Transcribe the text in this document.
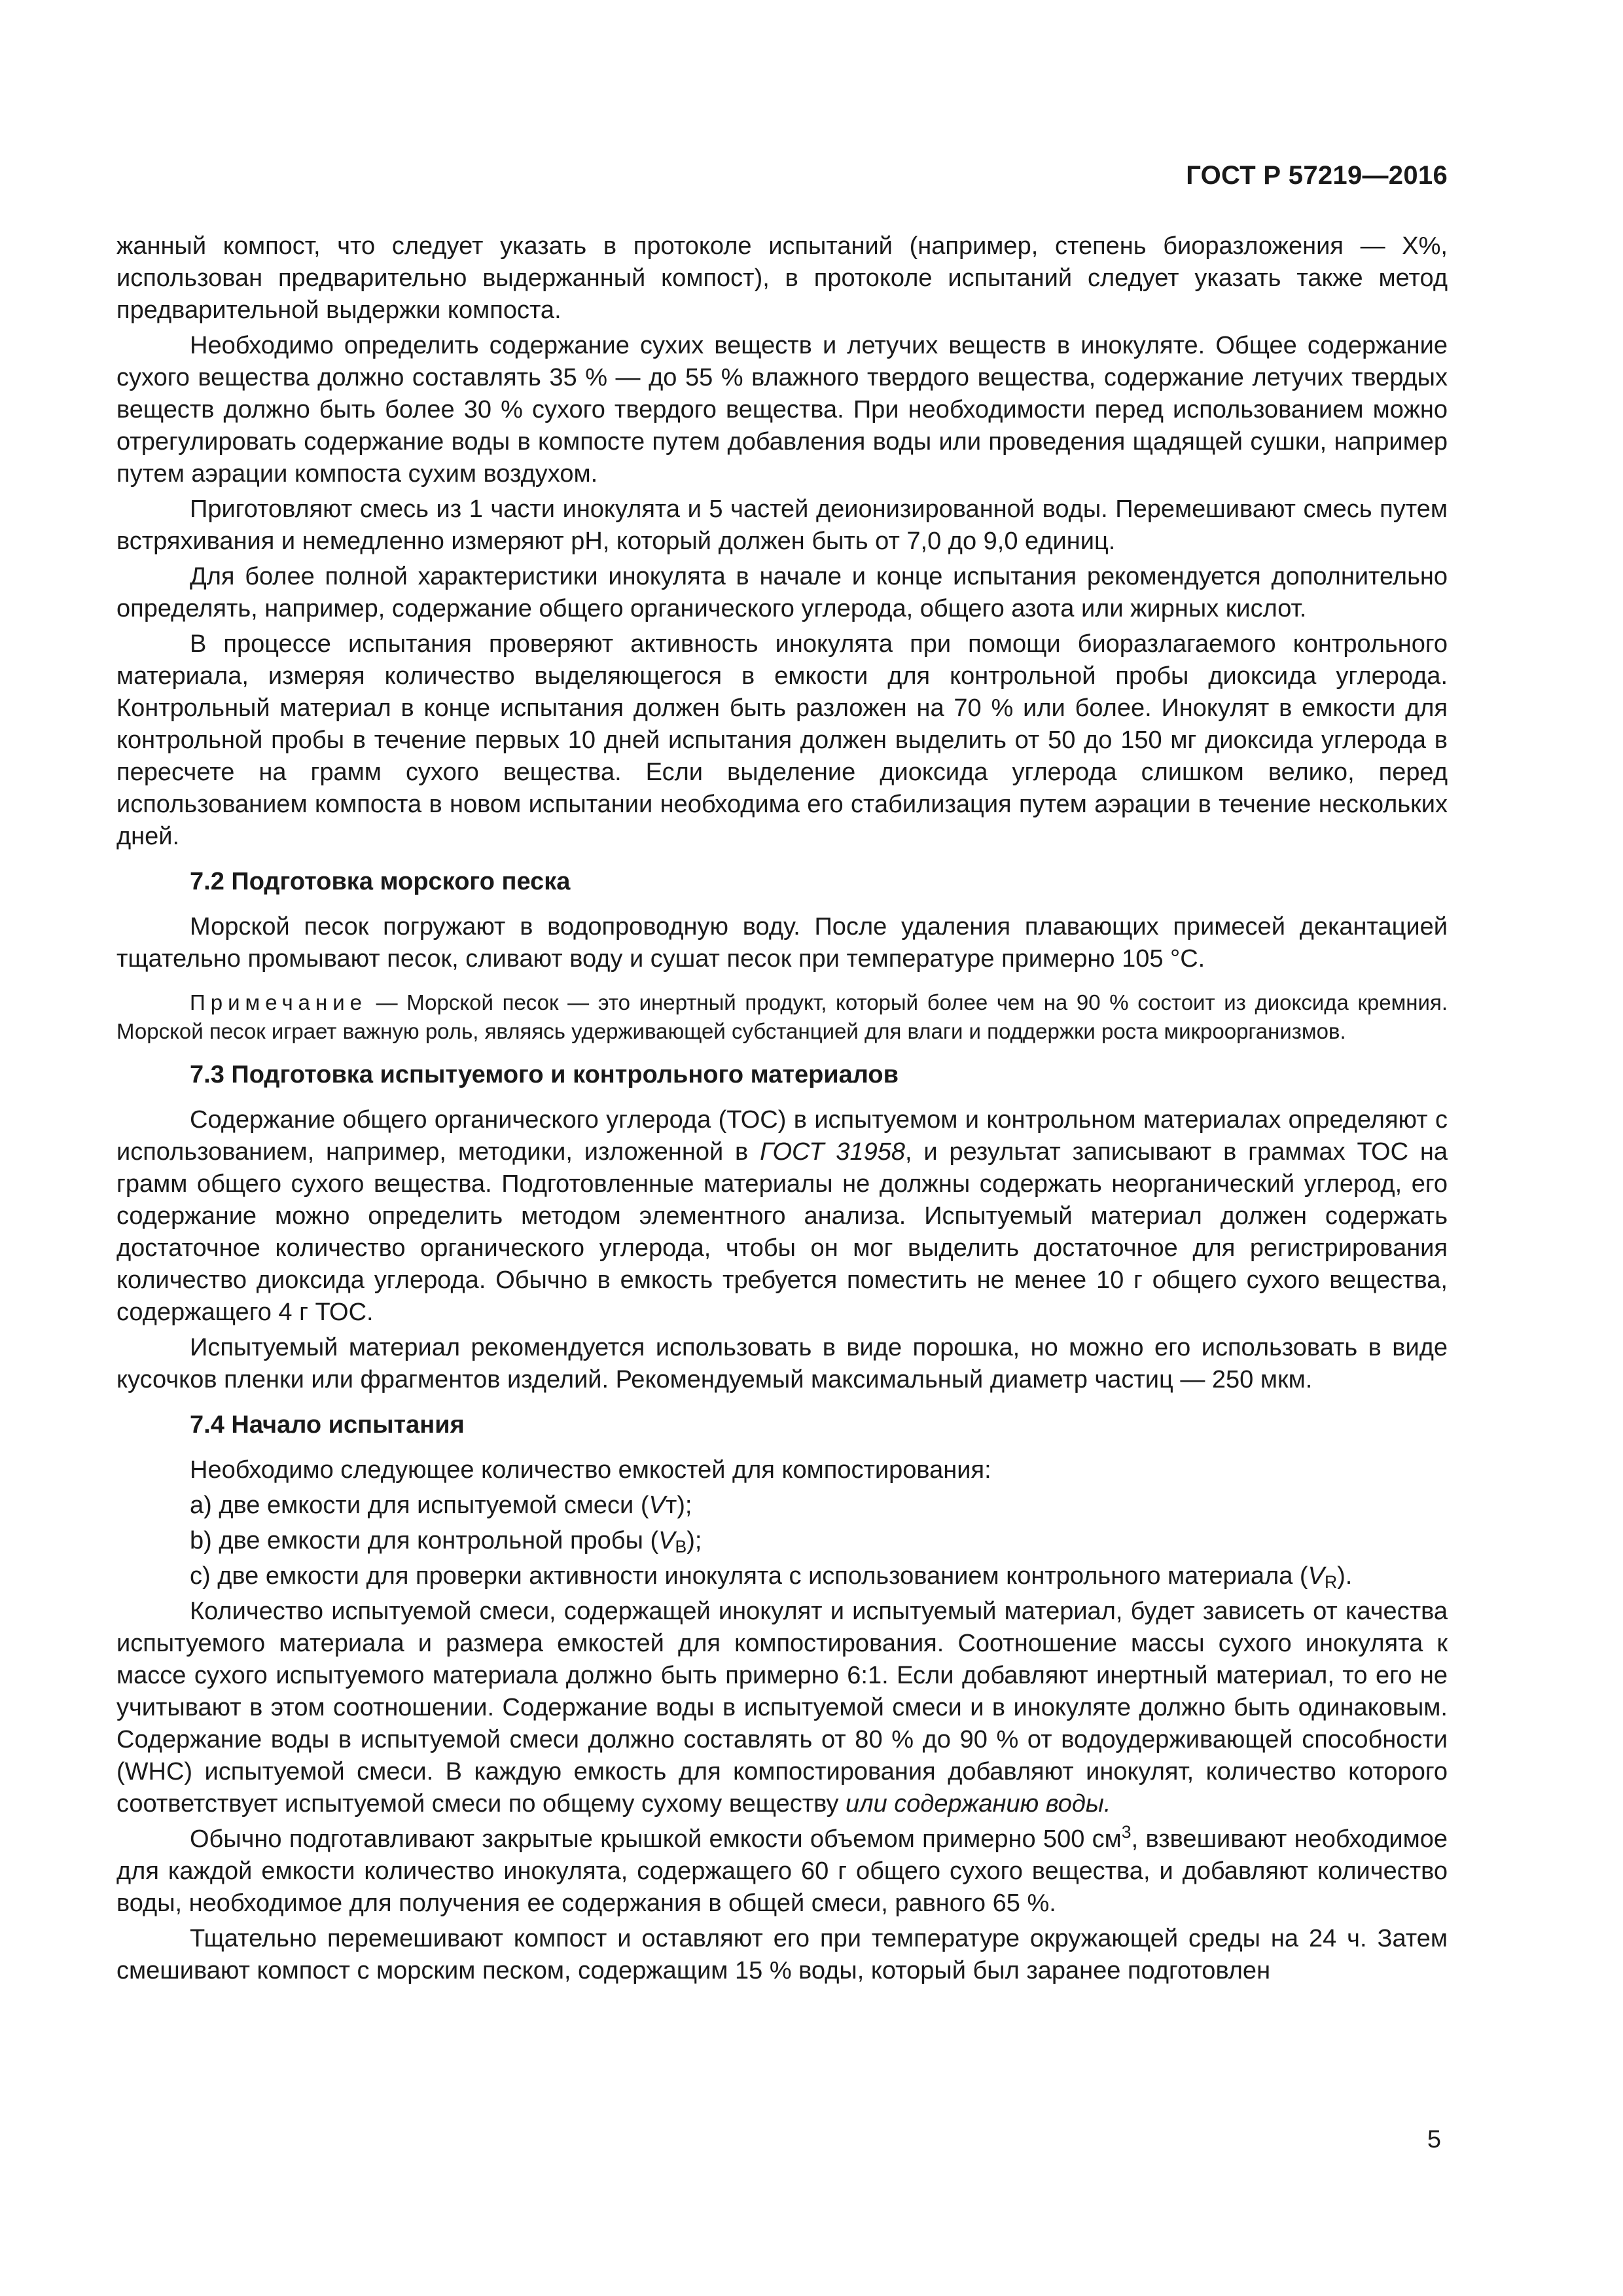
ГОСТ Р 57219—2016

жанный компост, что следует указать в протоколе испытаний (например, степень биоразложения — X%, использован предварительно выдержанный компост), в протоколе испытаний следует указать также метод предварительной выдержки компоста.

Необходимо определить содержание сухих веществ и летучих веществ в инокуляте. Общее содержание сухого вещества должно составлять 35 % — до 55 % влажного твердого вещества, содержание летучих твердых веществ должно быть более 30 % сухого твердого вещества. При необходимости перед использованием можно отрегулировать содержание воды в компосте путем добавления воды или проведения щадящей сушки, например путем аэрации компоста сухим воздухом.

Приготовляют смесь из 1 части инокулята и 5 частей деионизированной воды. Перемешивают смесь путем встряхивания и немедленно измеряют pH, который должен быть от 7,0 до 9,0 единиц.

Для более полной характеристики инокулята в начале и конце испытания рекомендуется дополнительно определять, например, содержание общего органического углерода, общего азота или жирных кислот.

В процессе испытания проверяют активность инокулята при помощи биоразлагаемого контрольного материала, измеряя количество выделяющегося в емкости для контрольной пробы диоксида углерода. Контрольный материал в конце испытания должен быть разложен на 70 % или более. Инокулят в емкости для контрольной пробы в течение первых 10 дней испытания должен выделить от 50 до 150 мг диоксида углерода в пересчете на грамм сухого вещества. Если выделение диоксида углерода слишком велико, перед использованием компоста в новом испытании необходима его стабилизация путем аэрации в течение нескольких дней.

7.2 Подготовка морского песка

Морской песок погружают в водопроводную воду. После удаления плавающих примесей декантацией тщательно промывают песок, сливают воду и сушат песок при температуре примерно 105 °С.

Примечание — Морской песок — это инертный продукт, который более чем на 90 % состоит из диоксида кремния. Морской песок играет важную роль, являясь удерживающей субстанцией для влаги и поддержки роста микроорганизмов.

7.3 Подготовка испытуемого и контрольного материалов

Содержание общего органического углерода (ТОС) в испытуемом и контрольном материалах определяют с использованием, например, методики, изложенной в ГОСТ 31958, и результат записывают в граммах ТОС на грамм общего сухого вещества. Подготовленные материалы не должны содержать неорганический углерод, его содержание можно определить методом элементного анализа. Испытуемый материал должен содержать достаточное количество органического углерода, чтобы он мог выделить достаточное для регистрирования количество диоксида углерода. Обычно в емкость требуется поместить не менее 10 г общего сухого вещества, содержащего 4 г ТОС.

Испытуемый материал рекомендуется использовать в виде порошка, но можно его использовать в виде кусочков пленки или фрагментов изделий. Рекомендуемый максимальный диаметр частиц — 250 мкм.

7.4 Начало испытания

Необходимо следующее количество емкостей для компостирования:

a) две емкости для испытуемой смеси (Vт);

b) две емкости для контрольной пробы $(V_B)$;

c) две емкости для проверки активности инокулята с использованием контрольного материала $(V_R)$.

Количество испытуемой смеси, содержащей инокулят и испытуемый материал, будет зависеть от качества испытуемого материала и размера емкостей для компостирования. Соотношение массы сухого инокулята к массе сухого испытуемого материала должно быть примерно 6:1. Если добавляют инертный материал, то его не учитывают в этом соотношении. Содержание воды в испытуемой смеси и в инокуляте должно быть одинаковым. Содержание воды в испытуемой смеси должно составлять от 80 % до 90 % от водоудерживающей способности (WHC) испытуемой смеси. В каждую емкость для компостирования добавляют инокулят, количество которого соответствует испытуемой смеси по общему сухому веществу или содержанию воды.

Обычно подготавливают закрытые крышкой емкости объемом примерно 500 $см^3$, взвешивают необходимое для каждой емкости количество инокулята, содержащего 60 г общего сухого вещества, и добавляют количество воды, необходимое для получения ее содержания в общей смеси, равного 65 %.

Тщательно перемешивают компост и оставляют его при температуре окружающей среды на 24 ч. Затем смешивают компост с морским песком, содержащим 15 % воды, который был заранее подготовлен

5
